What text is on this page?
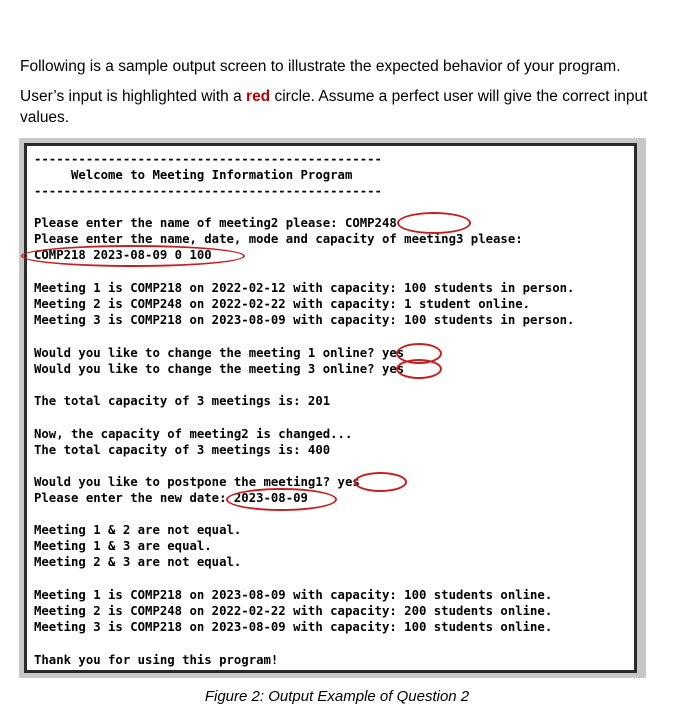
Following is a sample output screen to illustrate the expected behavior of your program.
User’s input is highlighted with a red circle. Assume a perfect user will give the correct input values.
-----------------------------------------------
Welcome to Meeting Information Program
-----------------------------------------------
Please enter the name of meeting2 please: COMP248
Please enter the name, date, mode and capacity of meeting3 please:
COMP218 2023-08-09 0 100
Meeting 1 is COMP218 on 2022-02-12 with capacity: 100 students in person.
Meeting 2 is COMP248 on 2022-02-22 with capacity: 1 student online.
Meeting 3 is COMP218 on 2023-08-09 with capacity: 100 students in person.
Would you like to change the meeting 1 online? yes
Would you like to change the meeting 3 online? yes
The total capacity of 3 meetings is: 201
Now, the capacity of meeting2 is changed...
The total capacity of 3 meetings is: 400
Would you like to postpone the meeting1? yes
Please enter the new date: 2023-08-09
Meeting 1 & 2 are not equal.
Meeting 1 & 3 are equal.
Meeting 2 & 3 are not equal.
Meeting 1 is COMP218 on 2023-08-09 with capacity: 100 students online.
Meeting 2 is COMP248 on 2022-02-22 with capacity: 200 students online.
Meeting 3 is COMP218 on 2023-08-09 with capacity: 100 students online.
Thank you for using this program!
Figure 2: Output Example of Question 2
